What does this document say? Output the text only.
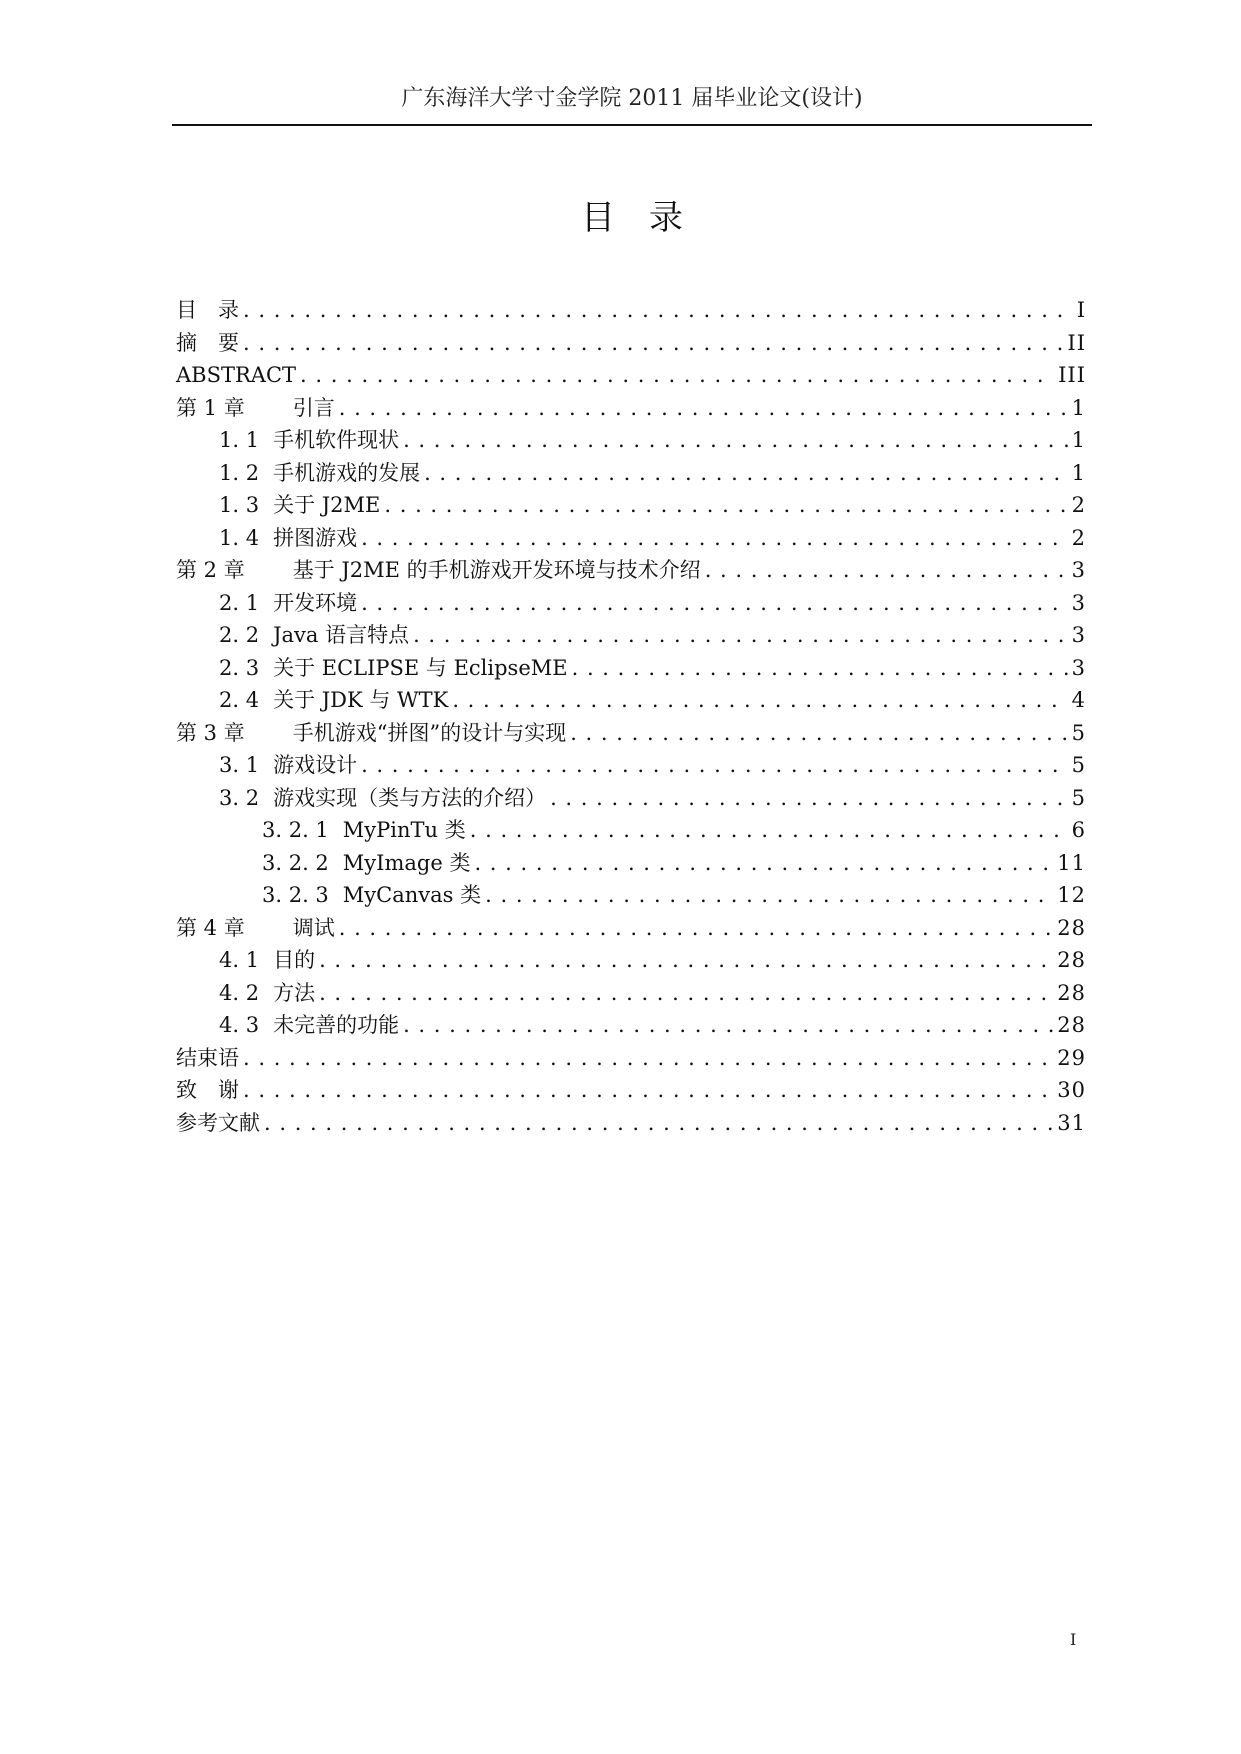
广东海洋大学寸金学院 2011 届毕业论文(设计)
目　录
目　录 . . .	I
摘　要 . . .	II
ABSTRACT . . .	III
第 1 章 引言 . . .	1
1. 1 手机软件现状 . . .	1
1. 2 手机游戏的发展 . . .	1
1. 3 关于 J2ME . . .	2
1. 4 拼图游戏 . . .	2
第 2 章 基于 J2ME 的手机游戏开发环境与技术介绍 . . .	3
2. 1 开发环境 . . .	3
2. 2 Java 语言特点 . . .	3
2. 3 关于 ECLIPSE 与 EclipseME . . .	3
2. 4 关于 JDK 与 WTK . . .	4
第 3 章 手机游戏“拼图”的设计与实现 . . .	5
3. 1 游戏设计 . . .	5
3. 2 游戏实现（类与方法的介绍） . . .	5
3. 2. 1 MyPinTu 类 . . .	6
3. 2. 2 MyImage 类 . . .	11
3. 2. 3 MyCanvas 类 . . .	12
第 4 章 调试 . . .	28
4. 1 目的 . . .	28
4. 2 方法 . . .	28
4. 3 未完善的功能 . . .	28
结束语 . . .	29
致　谢 . . .	30
参考文献 . . .	31
I
